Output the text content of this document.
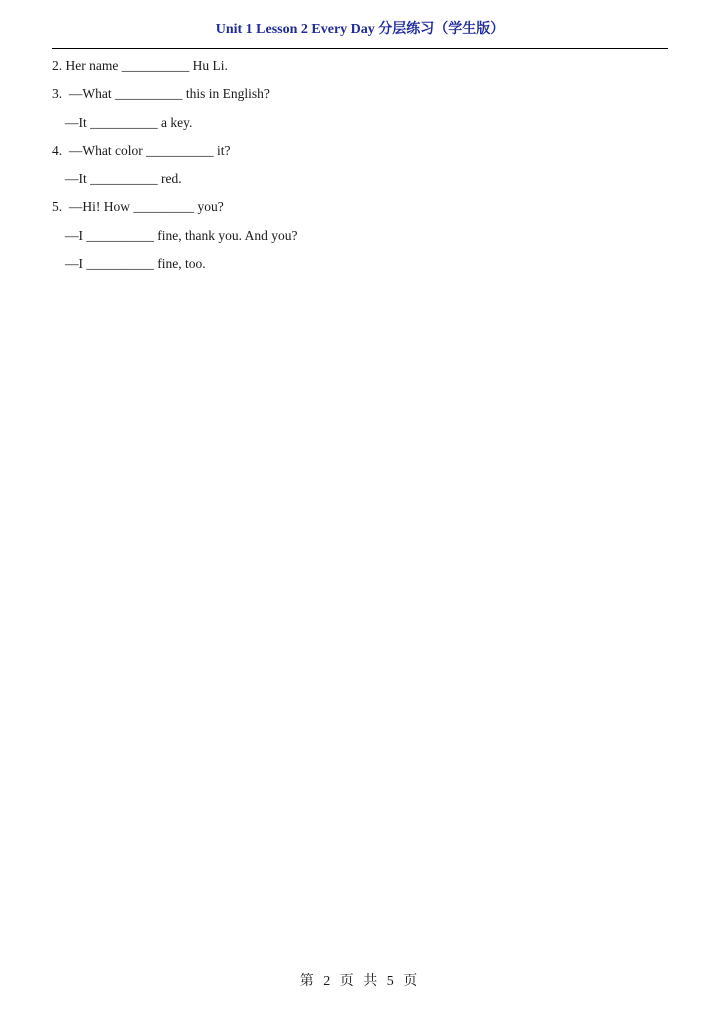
Unit 1 Lesson 2 Every Day 分层练习（学生版）
2. Her name __________ Hu Li.
3.  —What __________ this in English?
—It __________ a key.
4.  —What color __________ it?
—It __________ red.
5.  —Hi! How _________ you?
—I __________ fine, thank you. And you?
—I __________ fine, too.
第 2 页 共 5 页
